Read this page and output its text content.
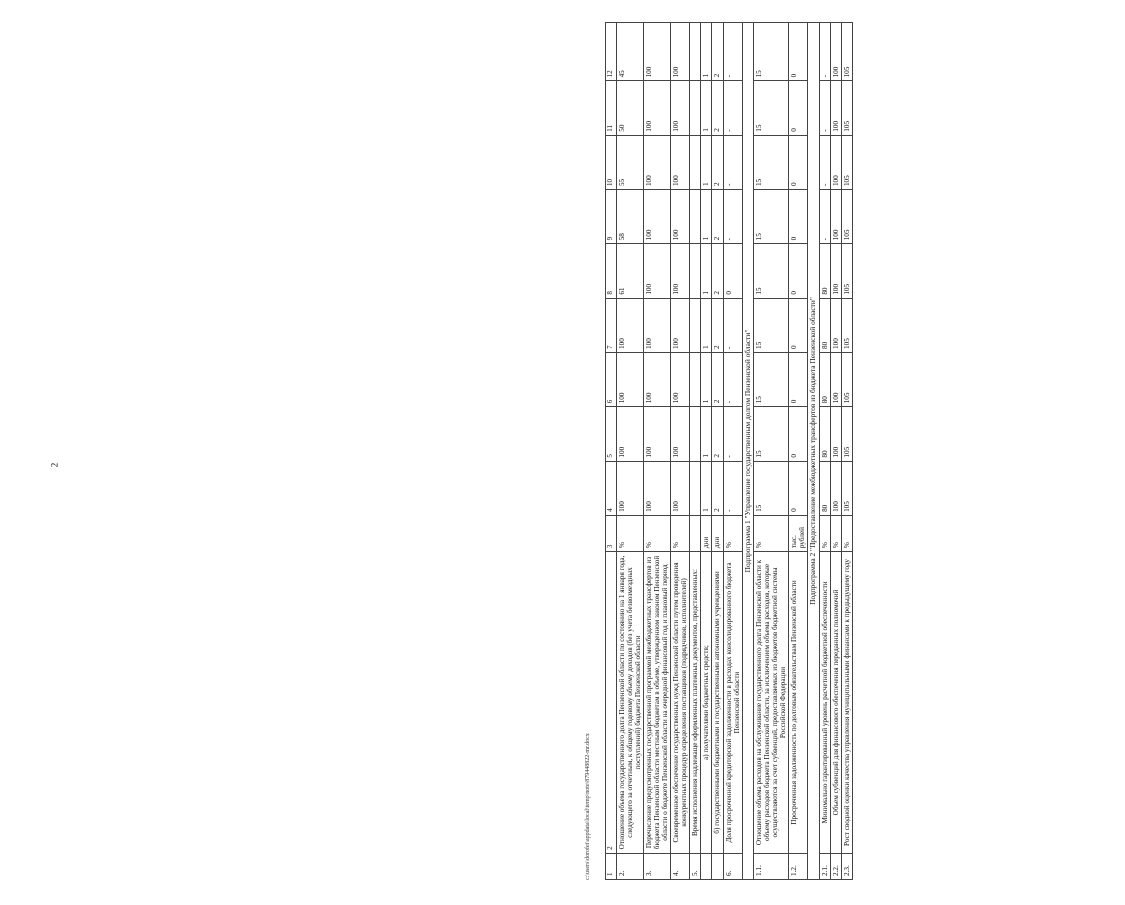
2
1	2	3	4	5	6	7	8	9	10	11	12
2.	Отношение объема государственного долга Пензенской области по состоянию на 1 января года, следующего за отчетным, к общему годовому объему доходов (без учета безвозмездных поступлений) бюджета Пензенской области	%	100	100	100	100	61	58	55	50	45
3.	Перечисление предусмотренных государственной программой межбюджетных трансфертов из бюджета Пензенской области местным бюджетам в объеме, утвержденном законом Пензенской области о бюджете Пензенской области на очередной финансовый год и плановый период	%	100	100	100	100	100	100	100	100	100
4.	Своевременное обеспечение государственных нужд Пензенской области путем проведения конкурентных процедур определения поставщиков (подрядчиков, исполнителей)	%	100	100	100	100	100	100	100	100	100
5.	Время исполнения надлежаще оформленных платежных документов, представленных:										
	а) получателями бюджетных средств;	дни	1	1	1	1	1	1	1	1	1
	б) государственными бюджетными и государственными автономными учреждениями	дни	2	2	2	2	2	2	2	2	2
6.	Доля просроченной кредиторской задолженности в расходах консолидированного бюджета Пензенской области	%	-	-	-	-	0	-	-	-	-
Подпрограмма 1 "Управление государственным долгом Пензенской области"											
1.1.	Отношение объема расходов на обслуживание государственного долга Пензенской области к объему расходов бюджета Пензенской области, за исключением объема расходов, которые осуществляются за счет субвенций, предоставляемых из бюджетов бюджетной системы Российской Федерации	%	15	15	15	15	15	15	15	15	15
1.2.	Просроченная задолженность по долговым обязательствам Пензенской области	тыс. рублей	0	0	0	0	0	0	0	0	0
Подпрограмма 2 "Предоставление межбюджетных трансфертов из бюджета Пензенской области"											
2.1.	Минимально гарантированный уровень расчетной бюджетной обеспеченности	%	80	80	80	80	80	-	-	-	-
2.2.	Объем субвенций для финансового обеспечения переданных полномочий	%	100	100	100	100	100	100	100	100	100
2.3.	Рост сводной оценки качества управления муниципальными финансами к предыдущему году	%	105	105	105	105	105	105	105	105	105
c:\users\dorofei\appdata\local\temp\note\879448822-mr.docx
